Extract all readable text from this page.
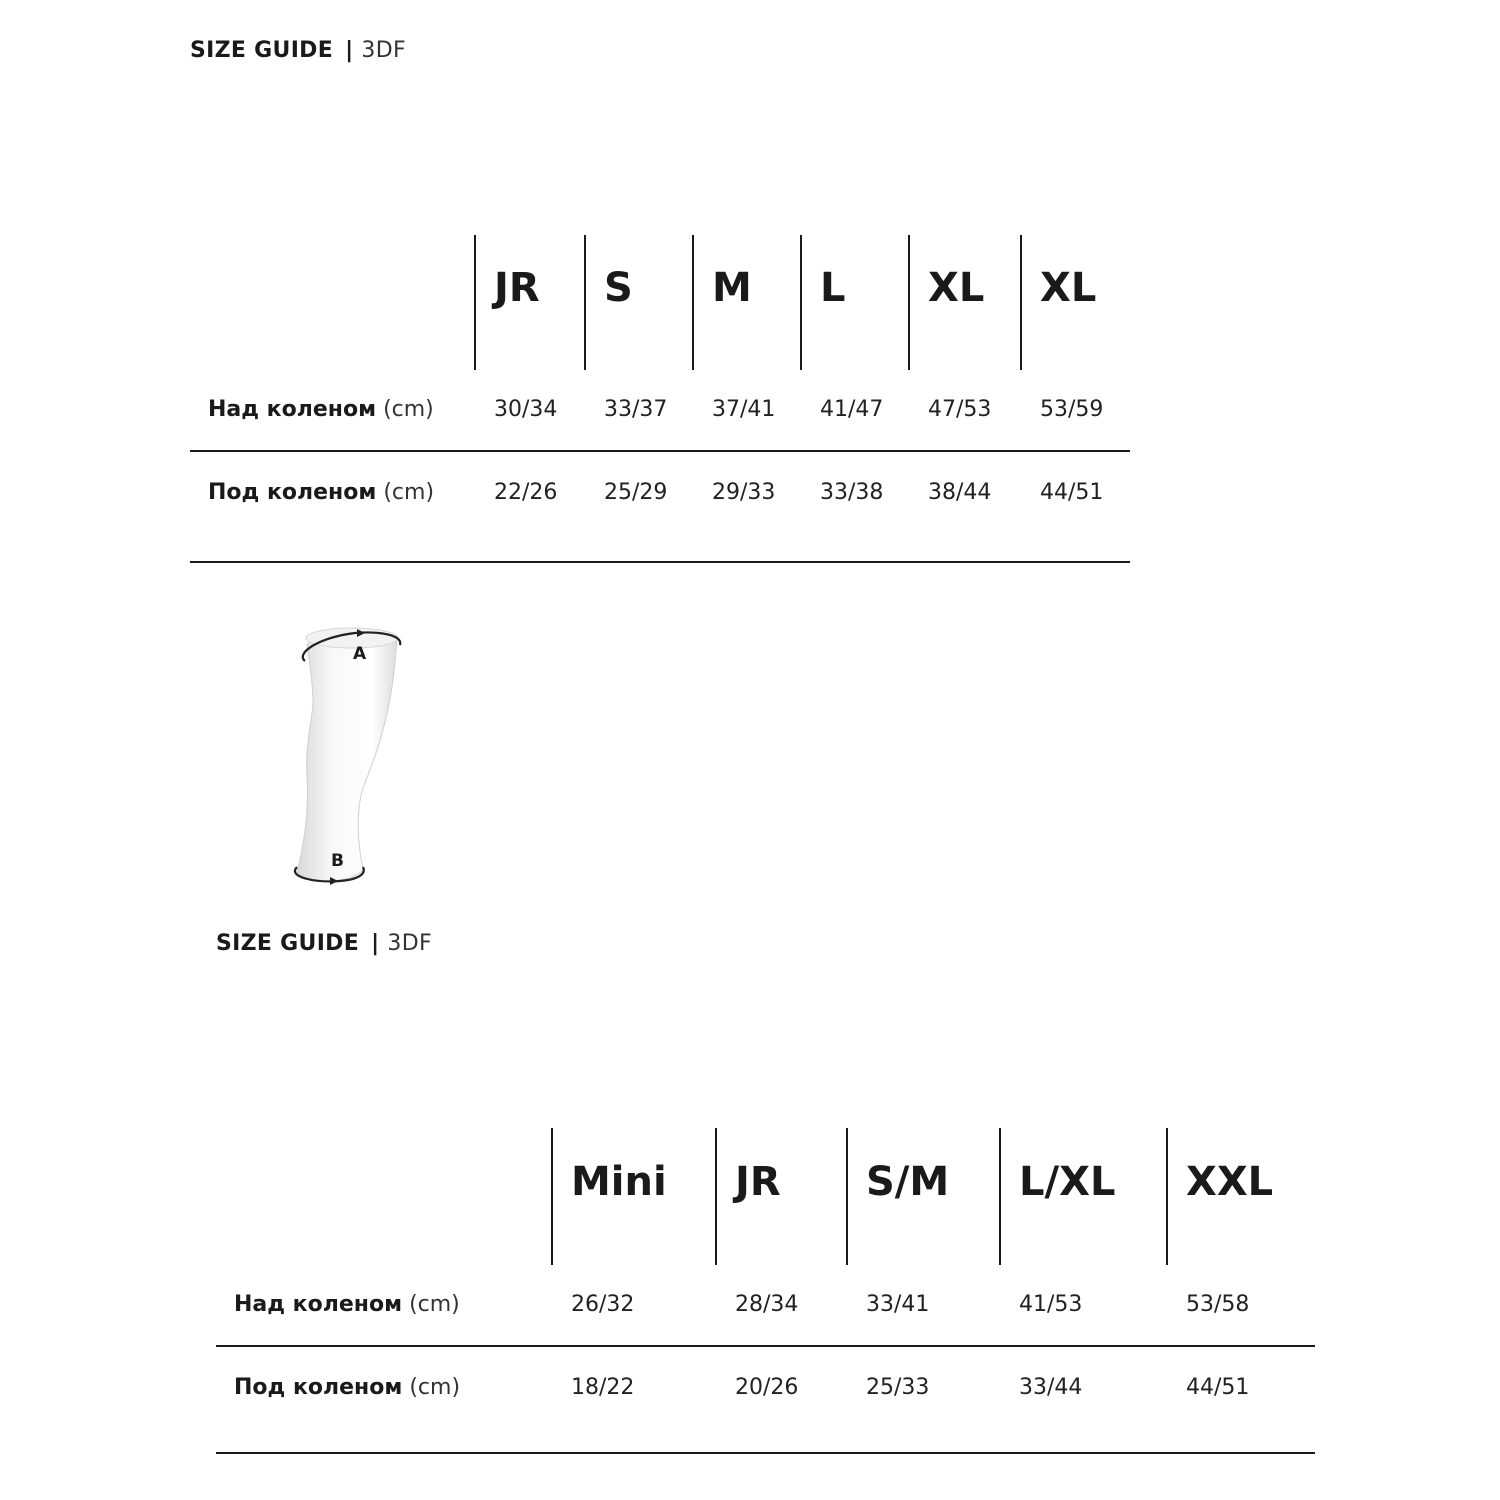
SIZE GUIDE | 3DF
JR S M L XL XL
Над коленом (cm)	30/34 33/37 37/41 41/47 47/53 53/59
Под коленом (cm)	22/26 25/29 29/33 33/38 38/44 44/51
A
B
SIZE GUIDE | 3DF
Mini JR S/M L/XL XXL
Над коленом (cm)	26/32	28/34	33/41	41/53	53/58
Под коленом (cm)	18/22	20/26	25/33	33/44	44/51
